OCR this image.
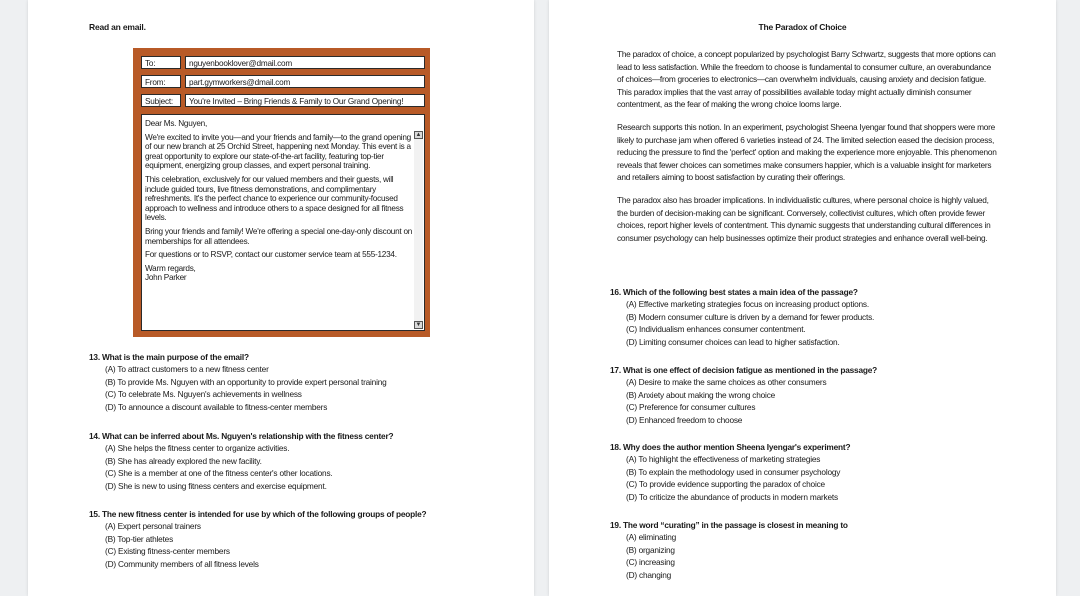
Read an email.
To:	nguyenbooklover@dmail.com
From:	part.gymworkers@dmail.com
Subject:	You're Invited – Bring Friends & Family to Our Grand Opening!

Dear Ms. Nguyen,

We're excited to invite you—and your friends and family—to the grand opening of our new branch at 25 Orchid Street, happening next Monday. This event is a great opportunity to explore our state-of-the-art facility, featuring top-tier equipment, energizing group classes, and expert personal training.

This celebration, exclusively for our valued members and their guests, will include guided tours, live fitness demonstrations, and complimentary refreshments. It's the perfect chance to experience our community-focused approach to wellness and introduce others to a space designed for all fitness levels.

Bring your friends and family! We're offering a special one-day-only discount on memberships for all attendees.

For questions or to RSVP, contact our customer service team at 555-1234.

Warm regards,

John Parker

▲
▼
13. What is the main purpose of the email?
(A) To attract customers to a new fitness center
(B) To provide Ms. Nguyen with an opportunity to provide expert personal training
(C) To celebrate Ms. Nguyen's achievements in wellness
(D) To announce a discount available to fitness-center members
14. What can be inferred about Ms. Nguyen's relationship with the fitness center?
(A) She helps the fitness center to organize activities.
(B) She has already explored the new facility.
(C) She is a member at one of the fitness center's other locations.
(D) She is new to using fitness centers and exercise equipment.
15. The new fitness center is intended for use by which of the following groups of people?
(A) Expert personal trainers
(B) Top-tier athletes
(C) Existing fitness-center members
(D) Community members of all fitness levels
The Paradox of Choice

The paradox of choice, a concept popularized by psychologist Barry Schwartz, suggests that more options can lead to less satisfaction. While the freedom to choose is fundamental to consumer culture, an overabundance of choices—from groceries to electronics—can overwhelm individuals, causing anxiety and decision fatigue. This paradox implies that the vast array of possibilities available today might actually diminish consumer contentment, as the fear of making the wrong choice looms large.

Research supports this notion. In an experiment, psychologist Sheena Iyengar found that shoppers were more likely to purchase jam when offered 6 varieties instead of 24. The limited selection eased the decision process, reducing the pressure to find the 'perfect' option and making the experience more enjoyable. This phenomenon reveals that fewer choices can sometimes make consumers happier, which is a valuable insight for marketers and retailers aiming to boost satisfaction by curating their offerings.

The paradox also has broader implications. In individualistic cultures, where personal choice is highly valued, the burden of decision-making can be significant. Conversely, collectivist cultures, which often provide fewer choices, report higher levels of contentment. This dynamic suggests that understanding cultural differences in consumer psychology can help businesses optimize their product strategies and enhance overall well-being.

16. Which of the following best states a main idea of the passage?
(A) Effective marketing strategies focus on increasing product options.
(B) Modern consumer culture is driven by a demand for fewer products.
(C) Individualism enhances consumer contentment.
(D) Limiting consumer choices can lead to higher satisfaction.
17. What is one effect of decision fatigue as mentioned in the passage?
(A) Desire to make the same choices as other consumers
(B) Anxiety about making the wrong choice
(C) Preference for consumer cultures
(D) Enhanced freedom to choose
18. Why does the author mention Sheena Iyengar's experiment?
(A) To highlight the effectiveness of marketing strategies
(B) To explain the methodology used in consumer psychology
(C) To provide evidence supporting the paradox of choice
(D) To criticize the abundance of products in modern markets
19. The word “curating” in the passage is closest in meaning to
(A) eliminating
(B) organizing
(C) increasing
(D) changing
